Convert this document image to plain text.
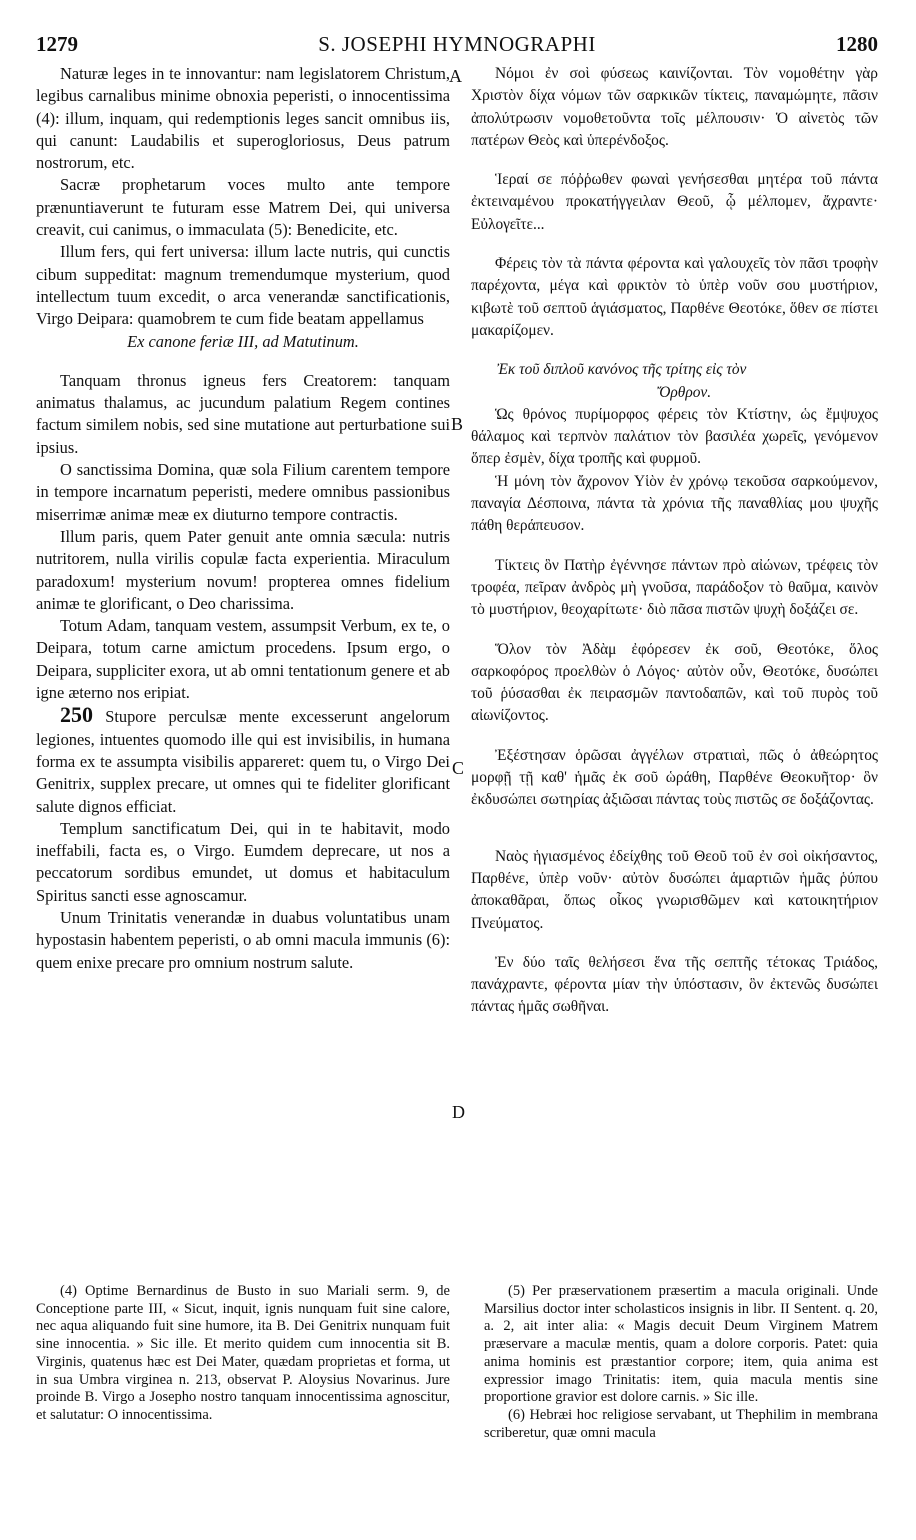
1279	S. JOSEPHI HYMNOGRAPHI	1280
A
B
C
D

Naturæ leges in te innovantur: nam legislatorem Christum, legibus carnalibus minime obnoxia peperisti, o innocentissima (4): illum, inquam, qui redemptionis leges sancit omnibus iis, qui canunt: Laudabilis et superogloriosus, Deus patrum nostrorum, etc.

Sacræ prophetarum voces multo ante tempore prænuntiaverunt te futuram esse Matrem Dei, qui universa creavit, cui canimus, o immaculata (5): Benedicite, etc.

Illum fers, qui fert universa: illum lacte nutris, qui cunctis cibum suppeditat: magnum tremendumque mysterium, quod intellectum tuum excedit, o arca venerandæ sanctificationis, Virgo Deipara: quamobrem te cum fide beatam appellamus

Ex canone feriæ III, ad Matutinum.

Tanquam thronus igneus fers Creatorem: tanquam animatus thalamus, ac jucundum palatium Regem contines factum similem nobis, sed sine mutatione aut perturbatione sui ipsius.

O sanctissima Domina, quæ sola Filium carentem tempore in tempore incarnatum peperisti, medere omnibus passionibus miserrimæ animæ meæ ex diuturno tempore contractis.

Illum paris, quem Pater genuit ante omnia sæcula: nutris nutritorem, nulla virilis copulæ facta experientia. Miraculum paradoxum! mysterium novum! propterea omnes fidelium animæ te glorificant, o Deo charissima.

Totum Adam, tanquam vestem, assumpsit Verbum, ex te, o Deipara, totum carne amictum procedens. Ipsum ergo, o Deipara, suppliciter exora, ut ab omni tentationum genere et ab igne æterno nos eripiat.

250 Stupore perculsæ mente excesserunt angelorum legiones, intuentes quomodo ille qui est invisibilis, in humana forma ex te assumpta visibilis appareret: quem tu, o Virgo Dei Genitrix, supplex precare, ut omnes qui te fideliter glorificant salute dignos efficiat.

Templum sanctificatum Dei, qui in te habitavit, modo ineffabili, facta es, o Virgo. Eumdem deprecare, ut nos a peccatorum sordibus emundet, ut domus et habitaculum Spiritus sancti esse agnoscamur.

Unum Trinitatis venerandæ in duabus voluntatibus unam hypostasin habentem peperisti, o ab omni macula immunis (6): quem enixe precare pro omnium nostrum salute.

Νόμοι ἐν σοὶ φύσεως καινίζονται. Τὸν νομοθέτην γὰρ Χριστὸν δίχα νόμων τῶν σαρκικῶν τίκτεις, παναμώμητε, πᾶσιν ἀπολύτρωσιν νομοθετοῦντα τοῖς μέλπουσιν· Ὁ αἰνετὸς τῶν πατέρων Θεὸς καὶ ὑπερένδοξος.

Ἱεραί σε πόῤῥωθεν φωναὶ γενήσεσθαι μητέρα τοῦ πάντα ἐκτειναμένου προκατήγγειλαν Θεοῦ, ᾧ μέλπομεν, ἄχραντε· Εὐλογεῖτε...

Φέρεις τὸν τὰ πάντα φέροντα καὶ γαλουχεῖς τὸν πᾶσι τροφὴν παρέχοντα, μέγα καὶ φρικτὸν τὸ ὑπὲρ νοῦν σου μυστήριον, κιβωτὲ τοῦ σεπτοῦ ἁγιάσματος, Παρθένε Θεοτόκε, ὅθεν σε πίστει μακαρίζομεν.

Ἐκ τοῦ διπλοῦ κανόνος τῆς τρίτης εἰς τὸν
Ὄρθρον.

Ὡς θρόνος πυρίμορφος φέρεις τὸν Κτίστην, ὡς ἔμψυχος θάλαμος καὶ τερπνὸν παλάτιον τὸν βασιλέα χωρεῖς, γενόμενον ὅπερ ἐσμὲν, δίχα τροπῆς καὶ φυρμοῦ.

Ἡ μόνη τὸν ἄχρονον Υἱὸν ἐν χρόνῳ τεκοῦσα σαρκούμενον, παναγία Δέσποινα, πάντα τὰ χρόνια τῆς παναθλίας μου ψυχῆς πάθη θεράπευσον.

Τίκτεις ὃν Πατὴρ ἐγέννησε πάντων πρὸ αἰώνων, τρέφεις τὸν τροφέα, πεῖραν ἀνδρὸς μὴ γνοῦσα, παράδοξον τὸ θαῦμα, καινὸν τὸ μυστήριον, θεοχαρίτωτε· διὸ πᾶσα πιστῶν ψυχὴ δοξάζει σε.

Ὅλον τὸν Ἀδὰμ ἐφόρεσεν ἐκ σοῦ, Θεοτόκε, ὅλος σαρκοφόρος προελθὼν ὁ Λόγος· αὐτὸν οὖν, Θεοτόκε, δυσώπει τοῦ ῥύσασθαι ἐκ πειρασμῶν παντοδαπῶν, καὶ τοῦ πυρὸς τοῦ αἰωνίζοντος.

Ἐξέστησαν ὁρῶσαι ἀγγέλων στρατιαὶ, πῶς ὁ ἀθεώρητος μορφῇ τῇ καθ' ἡμᾶς ἐκ σοῦ ὡράθη, Παρθένε Θεοκυῆτορ· ὃν ἐκδυσώπει σωτηρίας ἀξιῶσαι πάντας τοὺς πιστῶς σε δοξάζοντας.

Ναὸς ἡγιασμένος ἐδείχθης τοῦ Θεοῦ τοῦ ἐν σοὶ οἰκήσαντος, Παρθένε, ὑπὲρ νοῦν· αὐτὸν δυσώπει ἁμαρτιῶν ἡμᾶς ῥύπου ἀποκαθᾶραι, ὅπως οἶκος γνωρισθῶμεν καὶ κατοικητήριον Πνεύματος.

Ἐν δύο ταῖς θελήσεσι ἕνα τῆς σεπτῆς τέτοκας Τριάδος, πανάχραντε, φέροντα μίαν τὴν ὑπόστασιν, ὃν ἐκτενῶς δυσώπει πάντας ἡμᾶς σωθῆναι.

(4) Optime Bernardinus de Busto in suo Mariali serm. 9, de Conceptione parte III, « Sicut, inquit, ignis nunquam fuit sine calore, nec aqua aliquando fuit sine humore, ita B. Dei Genitrix nunquam fuit sine innocentia. » Sic ille. Et merito quidem cum innocentia sit B. Virginis, quatenus hæc est Dei Mater, quædam proprietas et forma, ut in sua Umbra virginea n. 213, observat P. Aloysius Novarinus. Jure proinde B. Virgo a Josepho nostro tanquam innocentissima agnoscitur, et salutatur: O innocentissima.

(5) Per præservationem præsertim a macula originali. Unde Marsilius doctor inter scholasticos insignis in libr. II Sentent. q. 20, a. 2, ait inter alia: « Magis decuit Deum Virginem Matrem præservare a maculæ mentis, quam a dolore corporis. Patet: quia anima hominis est præstantior corpore; item, quia anima est expressior imago Trinitatis: item, quia macula mentis sine proportione gravior est dolore carnis. » Sic ille.

(6) Hebræi hoc religiose servabant, ut Thephilim in membrana scriberetur, quæ omni macula
